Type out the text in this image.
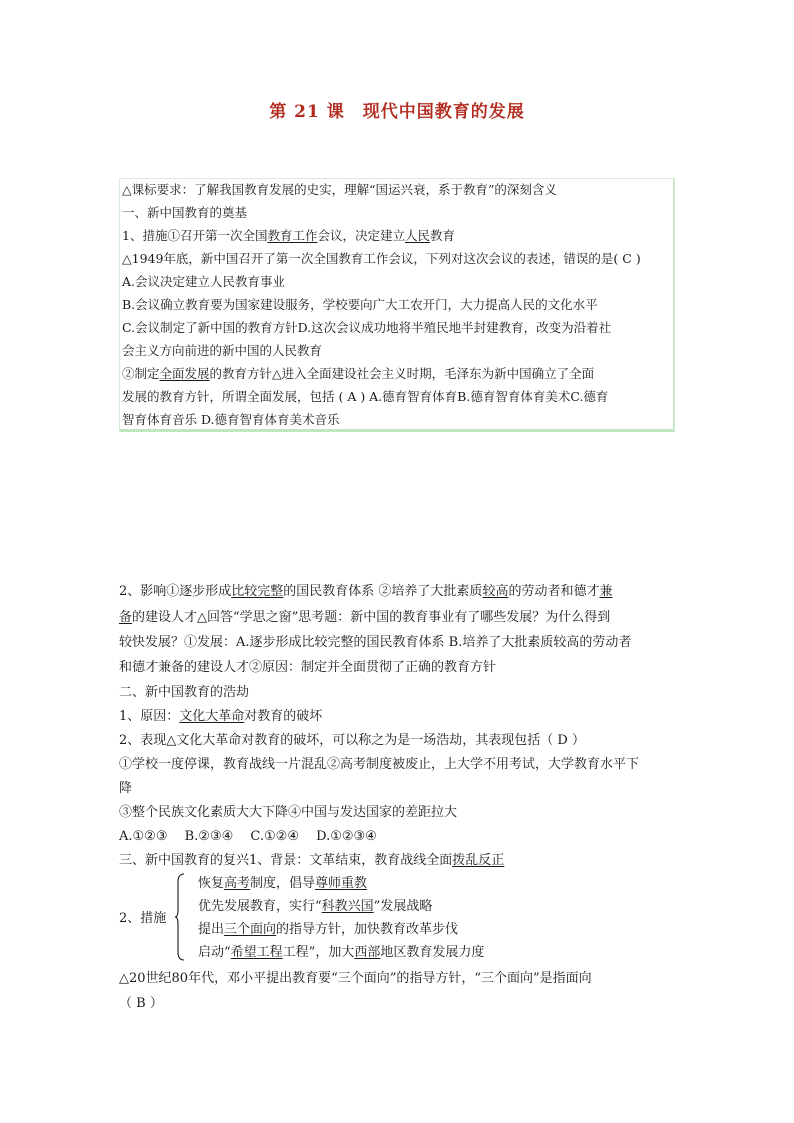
第 21 课　现代中国教育的发展
△课标要求：了解我国教育发展的史实，理解“国运兴衰，系于教育”的深刻含义
一、新中国教育的奠基
1、措施①召开第一次全国教育工作会议，决定建立人民教育
△1949年底，新中国召开了第一次全国教育工作会议，下列对这次会议的表述，错误的是( C )
A.会议决定建立人民教育事业
B.会议确立教育要为国家建设服务，学校要向广大工农开门，大力提高人民的文化水平
C.会议制定了新中国的教育方针D.这次会议成功地将半殖民地半封建教育，改变为沿着社
会主义方向前进的新中国的人民教育
②制定全面发展的教育方针△进入全面建设社会主义时期，毛泽东为新中国确立了全面
发展的教育方针，所谓全面发展，包括 ( A ) A.德育智育体育B.德育智育体育美术C.德育
智育体育音乐 D.德育智育体育美术音乐
2、影响①逐步形成比较完整的国民教育体系 ②培养了大批素质较高的劳动者和德才兼
备的建设人才△回答“学思之窗”思考题：新中国的教育事业有了哪些发展？为什么得到
较快发展？①发展：A.逐步形成比较完整的国民教育体系 B.培养了大批素质较高的劳动者
和德才兼备的建设人才②原因：制定并全面贯彻了正确的教育方针
二、新中国教育的浩劫
1、原因：文化大革命对教育的破坏
2、表现△文化大革命对教育的破坏，可以称之为是一场浩劫，其表现包括（ D ）
①学校一度停课，教育战线一片混乱②高考制度被废止，上大学不用考试，大学教育水平下
降
③整个民族文化素质大大下降④中国与发达国家的差距拉大
A.①②③　 B.②③④　 C.①②④　 D.①②③④
三、新中国教育的复兴1、背景：文革结束，教育战线全面拨乱反正
2、措施
恢复高考制度，倡导尊师重教
优先发展教育，实行“科教兴国”发展战略
提出三个面向的指导方针，加快教育改革步伐
启动“希望工程工程”，加大西部地区教育发展力度
△20世纪80年代，邓小平提出教育要“三个面向”的指导方针，“三个面向”是指面向
（ B ）
